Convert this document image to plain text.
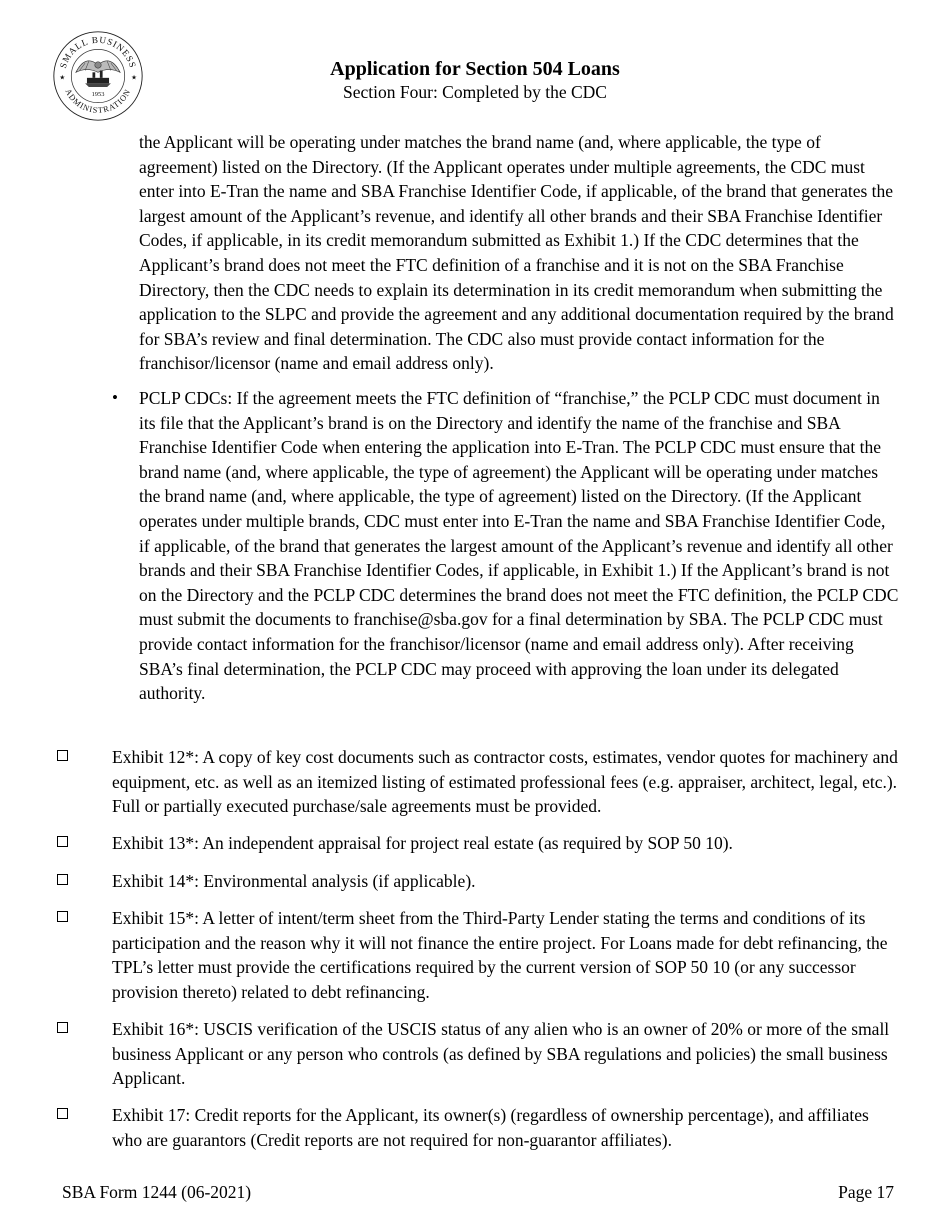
SMALL BUSINESS
ADMINISTRATION
★	★
1953
Application for Section 504 Loans
Section Four: Completed by the CDC

the Applicant will be operating under matches the brand name (and, where applicable, the type of agreement) listed on the Directory. (If the Applicant operates under multiple agreements, the CDC must enter into E-Tran the name and SBA Franchise Identifier Code, if applicable, of the brand that generates the largest amount of the Applicant’s revenue, and identify all other brands and their SBA Franchise Identifier Codes, if applicable, in its credit memorandum submitted as Exhibit 1.) If the CDC determines that the Applicant’s brand does not meet the FTC definition of a franchise and it is not on the SBA Franchise Directory, then the CDC needs to explain its determination in its credit memorandum when submitting the application to the SLPC and provide the agreement and any additional documentation required by the brand for SBA’s review and final determination. The CDC also must provide contact information for the franchisor/licensor (name and email address only).

• PCLP CDCs: If the agreement meets the FTC definition of “franchise,” the PCLP CDC must document in its file that the Applicant’s brand is on the Directory and identify the name of the franchise and SBA Franchise Identifier Code when entering the application into E-Tran. The PCLP CDC must ensure that the brand name (and, where applicable, the type of agreement) the Applicant will be operating under matches the brand name (and, where applicable, the type of agreement) listed on the Directory. (If the Applicant operates under multiple brands, CDC must enter into E-Tran the name and SBA Franchise Identifier Code, if applicable, of the brand that generates the largest amount of the Applicant’s revenue and identify all other brands and their SBA Franchise Identifier Codes, if applicable, in Exhibit 1.) If the Applicant’s brand is not on the Directory and the PCLP CDC determines the brand does not meet the FTC definition, the PCLP CDC must submit the documents to franchise@sba.gov for a final determination by SBA. The PCLP CDC must provide contact information for the franchisor/licensor (name and email address only). After receiving SBA’s final determination, the PCLP CDC may proceed with approving the loan under its delegated authority.

Exhibit 12*: A copy of key cost documents such as contractor costs, estimates, vendor quotes for machinery and equipment, etc. as well as an itemized listing of estimated professional fees (e.g. appraiser, architect, legal, etc.). Full or partially executed purchase/sale agreements must be provided.

Exhibit 13*: An independent appraisal for project real estate (as required by SOP 50 10).

Exhibit 14*: Environmental analysis (if applicable).

Exhibit 15*: A letter of intent/term sheet from the Third-Party Lender stating the terms and conditions of its participation and the reason why it will not finance the entire project. For Loans made for debt refinancing, the TPL’s letter must provide the certifications required by the current version of SOP 50 10 (or any successor provision thereto) related to debt refinancing.

Exhibit 16*: USCIS verification of the USCIS status of any alien who is an owner of 20% or more of the small business Applicant or any person who controls (as defined by SBA regulations and policies) the small business Applicant.

Exhibit 17: Credit reports for the Applicant, its owner(s) (regardless of ownership percentage), and affiliates who are guarantors (Credit reports are not required for non-guarantor affiliates).

SBA Form 1244 (06-2021)	Page 17
